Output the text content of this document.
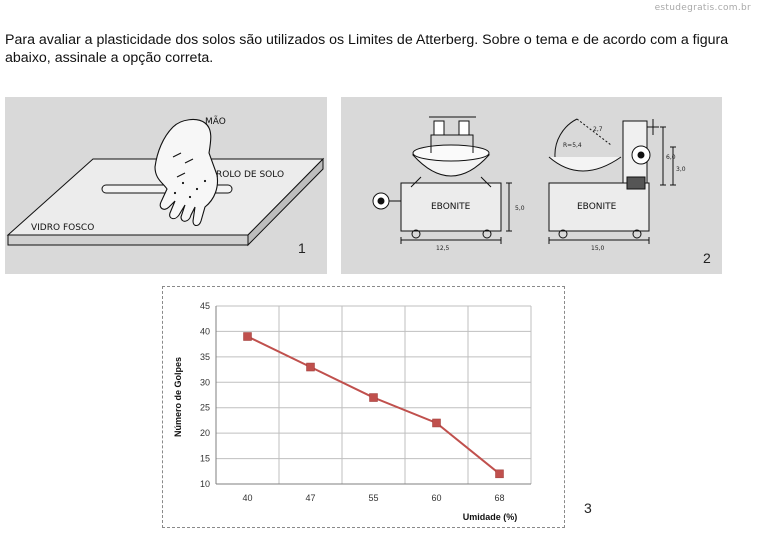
estudegratis.com.br

Para avaliar a plasticidade dos solos são utilizados os Limites de Atterberg. Sobre o tema e de acordo com a figura abaixo, assinale a opção correta.

MÃO
ROLO DE SOLO
VIDRO FOSCO
1
EBONITE	EBONITE
12,5
5,0
15,0
R=5,4
2,7
6,0
3,0
2
10
15
20
25
30
35
40
45
40	47	55	60	68
Número de Golpes
Umidade (%)
3
